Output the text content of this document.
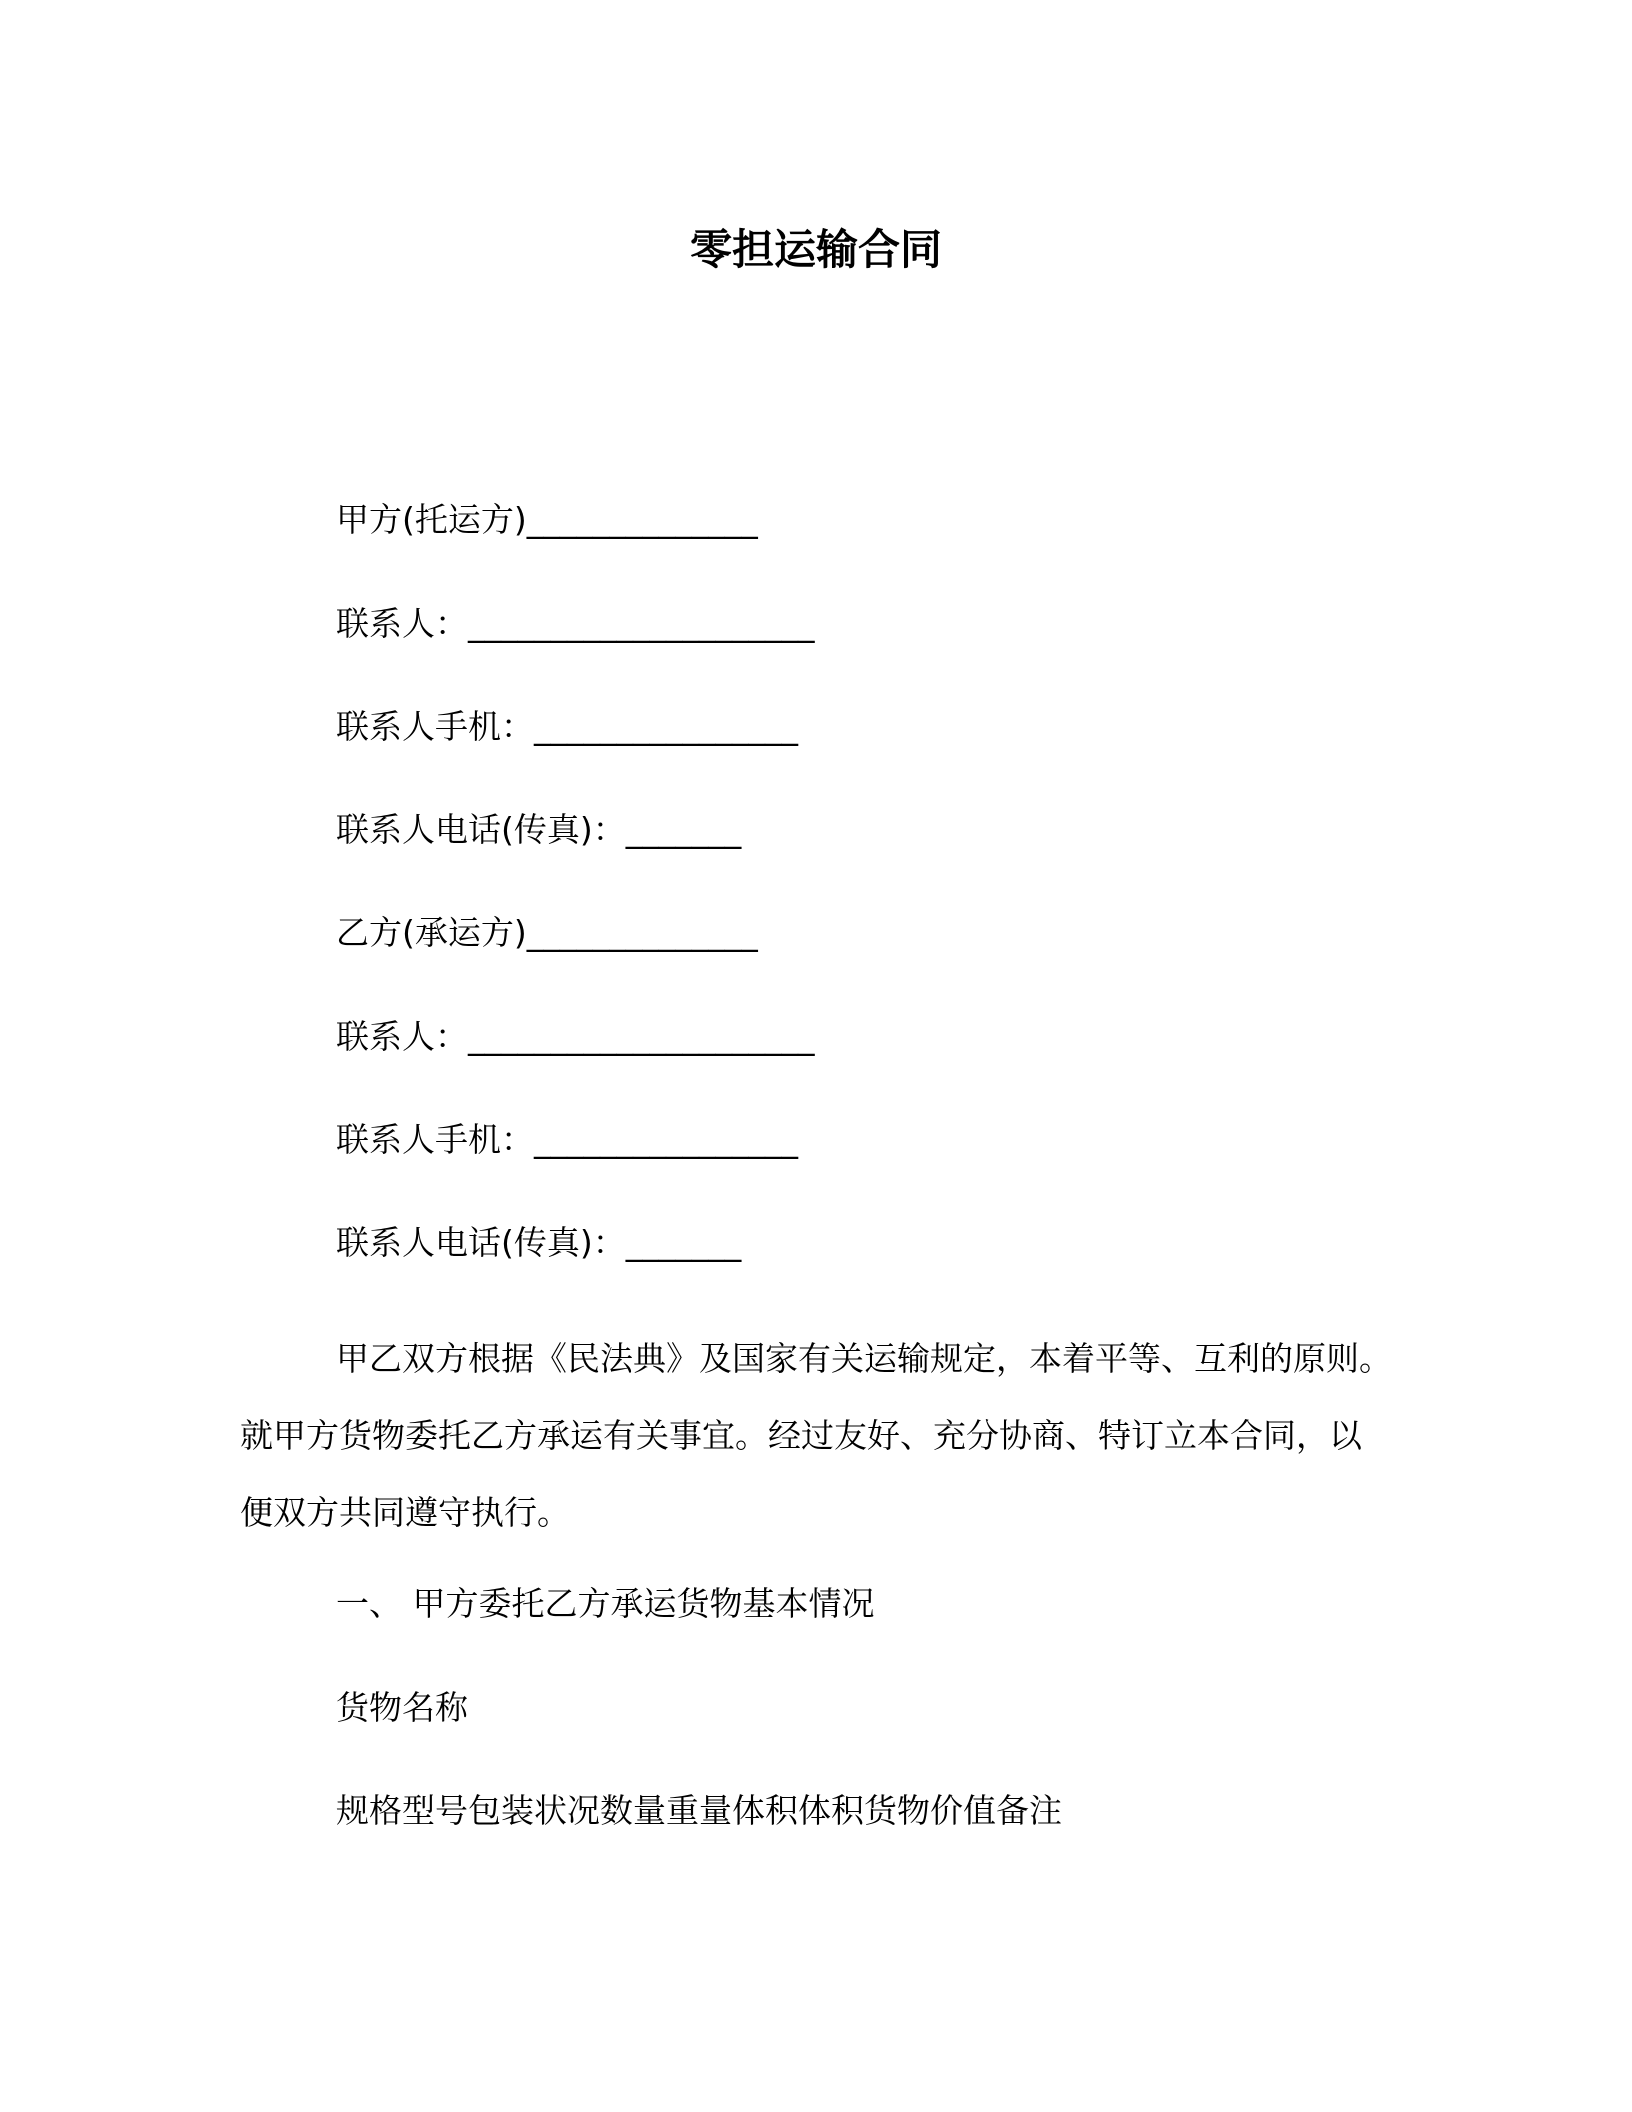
零担运输合同
甲方(托运方)______________
联系人：_____________________
联系人手机：________________
联系人电话(传真)：_______
乙方(承运方)______________
联系人：_____________________
联系人手机：________________
联系人电话(传真)：_______

甲乙双方根据《民法典》及国家有关运输规定，本着平等、互利的原则。就甲方货物委托乙方承运有关事宜。经过友好、充分协商、特订立本合同，以便双方共同遵守执行。

一、 甲方委托乙方承运货物基本情况
货物名称
规格型号包装状况数量重量体积体积货物价值备注
